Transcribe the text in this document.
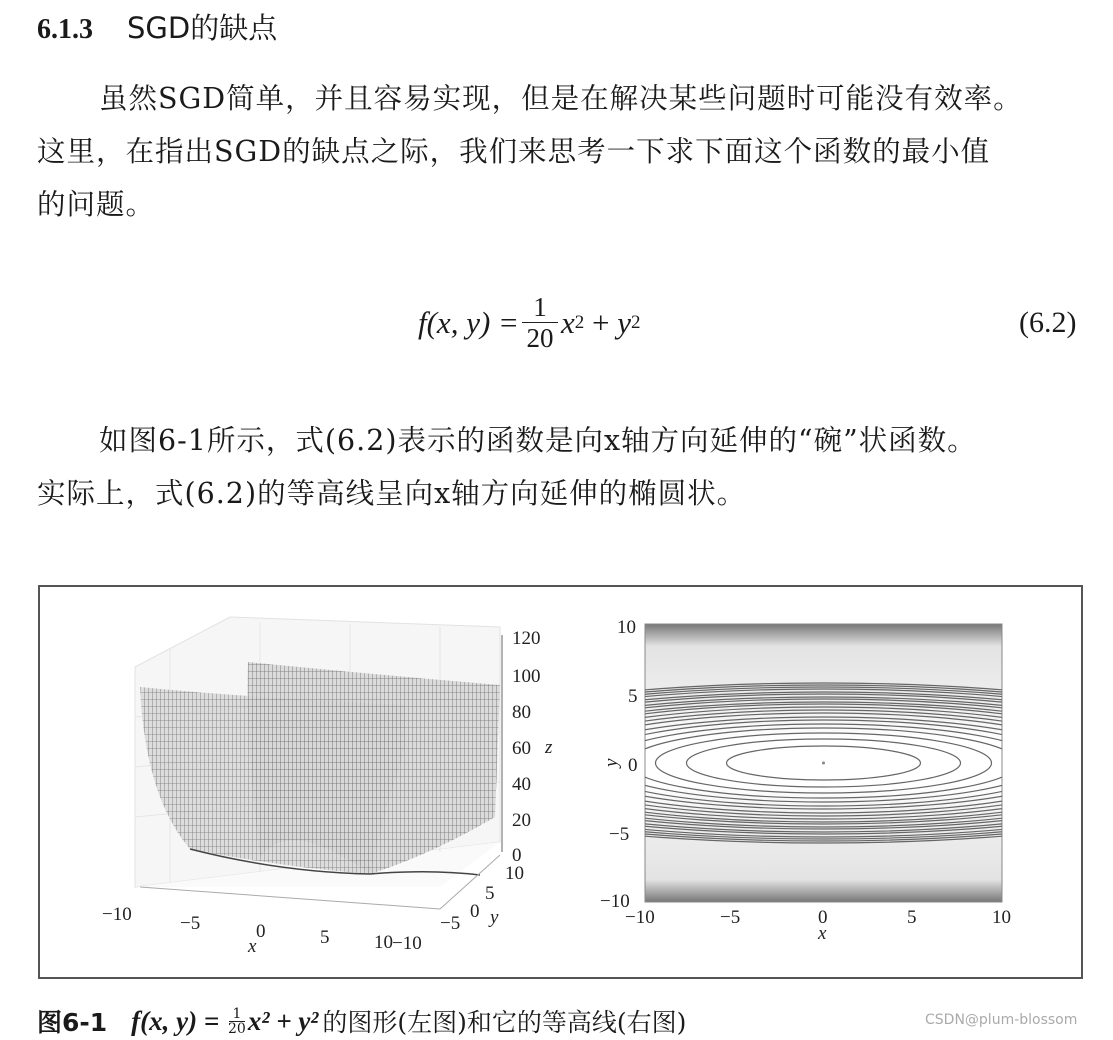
6.1.3 SGD的缺点

虽然SGD简单，并且容易实现，但是在解决某些问题时可能没有效率。

这里，在指出SGD的缺点之际，我们来思考一下求下面这个函数的最小值

的问题。

f(x, $y) = \frac{1}{20}$ x 2 + y 2	(6.2)

如图6-1所示，式(6.2)表示的函数是向x轴方向延伸的“碗”状函数。

实际上，式(6.2)的等高线呈向x轴方向延伸的椭圆状。

120
100
80
60 z
40
20
0
−10	−5	0	5 10
x
10
5
0 y
−5
−10
10
5
0
−5
−10
y
−10	−5	0	5	10
x
图6-1 f(x, y) = 1
20 x² + y² 的图形(左图)和它的等高线(右图)	CSDN@plum-blossom
